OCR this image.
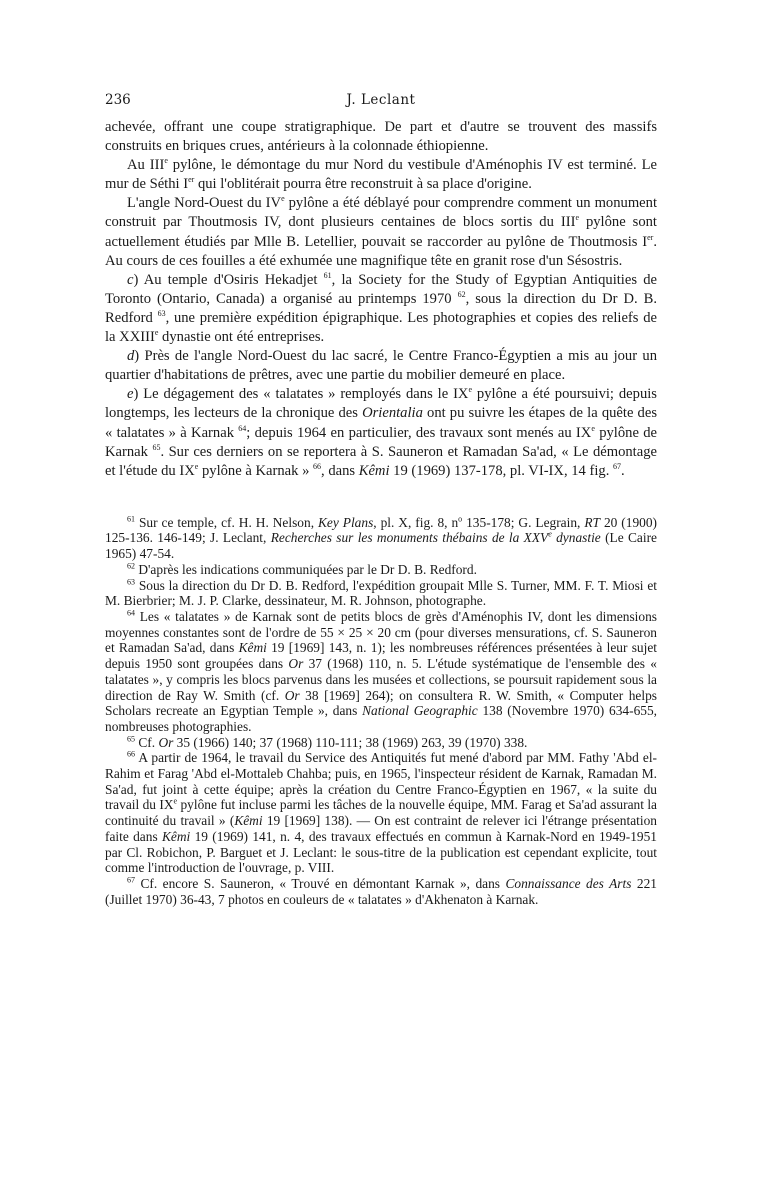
236	J. Leclant

achevée, offrant une coupe stratigraphique. De part et d'autre se trouvent des massifs construits en briques crues, antérieurs à la colonnade éthiopienne.

Au IIIe pylône, le démontage du mur Nord du vestibule d'Aménophis IV est terminé. Le mur de Séthi Ier qui l'oblitérait pourra être reconstruit à sa place d'origine.

L'angle Nord-Ouest du IVe pylône a été déblayé pour comprendre comment un monument construit par Thoutmosis IV, dont plusieurs centaines de blocs sortis du IIIe pylône sont actuellement étudiés par Mlle B. Letellier, pouvait se raccorder au pylône de Thoutmosis Ier. Au cours de ces fouilles a été exhumée une magnifique tête en granit rose d'un Sésostris.

c) Au temple d'Osiris Hekadjet $^{61}$, la Society for the Study of Egyptian Antiquities de Toronto (Ontario, Canada) a organisé au printemps 1970 $^{62}$, sous la direction du Dr D. B. Redford $^{63}$, une première expédition épigraphique. Les photographies et copies des reliefs de la XXIIIe dynastie ont été entreprises.

d) Près de l'angle Nord-Ouest du lac sacré, le Centre Franco-Égyptien a mis au jour un quartier d'habitations de prêtres, avec une partie du mobilier demeuré en place.

e) Le dégagement des « talatates » remployés dans le IXe pylône a été poursuivi; depuis longtemps, les lecteurs de la chronique des Orientalia ont pu suivre les étapes de la quête des « talatates » à Karnak $^{64}$; depuis 1964 en particulier, des travaux sont menés au IXe pylône de Karnak $^{65}$. Sur ces derniers on se reportera à S. Sauneron et Ramadan Sa'ad, « Le démontage et l'étude du IXe pylône à Karnak » $^{66}$, dans Kêmi 19 (1969) 137-178, pl. VI-IX, 14 fig. $^{67}$.

$^{61}$ Sur ce temple, cf. H. H. Nelson, Key Plans, pl. X, fig. 8, $n^o$ 135-178; G. Legrain, RT 20 (1900) 125-136. 146-149; J. Leclant, Recherches sur les monuments thébains de la XXVe dynastie (Le Caire 1965) 47-54.

$^{62}$ D'après les indications communiquées par le Dr D. B. Redford.

$^{63}$ Sous la direction du Dr D. B. Redford, l'expédition groupait Mlle S. Turner, MM. F. T. Miosi et M. Bierbrier; M. J. P. Clarke, dessinateur, M. R. Johnson, photographe.

$^{64}$ Les « talatates » de Karnak sont de petits blocs de grès d'Aménophis IV, dont les dimensions moyennes constantes sont de l'ordre de 55 × 25 × 20 cm (pour diverses mensurations, cf. S. Sauneron et Ramadan Sa'ad, dans Kêmi 19 [1969] 143, n. 1); les nombreuses références présentées à leur sujet depuis 1950 sont groupées dans Or 37 (1968) 110, n. 5. L'étude systématique de l'ensemble des « talatates », y compris les blocs parvenus dans les musées et collections, se poursuit rapidement sous la direction de Ray W. Smith (cf. Or 38 [1969] 264); on consultera R. W. Smith, « Computer helps Scholars recreate an Egyptian Temple », dans National Geographic 138 (Novembre 1970) 634-655, nombreuses photographies.

$^{65}$ Cf. Or 35 (1966) 140; 37 (1968) 110-111; 38 (1969) 263, 39 (1970) 338.

$^{66}$ A partir de 1964, le travail du Service des Antiquités fut mené d'abord par MM. Fathy 'Abd el-Rahim et Farag 'Abd el-Mottaleb Chahba; puis, en 1965, l'inspecteur résident de Karnak, Ramadan M. Sa'ad, fut joint à cette équipe; après la création du Centre Franco-Égyptien en 1967, « la suite du travail du IXe pylône fut incluse parmi les tâches de la nouvelle équipe, MM. Farag et Sa'ad assurant la continuité du travail » (Kêmi 19 [1969] 138). — On est contraint de relever ici l'étrange présentation faite dans Kêmi 19 (1969) 141, n. 4, des travaux effectués en commun à Karnak-Nord en 1949-1951 par Cl. Robichon, P. Barguet et J. Leclant: le sous-titre de la publication est cependant explicite, tout comme l'introduction de l'ouvrage, p. VIII.

$^{67}$ Cf. encore S. Sauneron, « Trouvé en démontant Karnak », dans Connaissance des Arts 221 (Juillet 1970) 36-43, 7 photos en couleurs de « talatates » d'Akhenaton à Karnak.
